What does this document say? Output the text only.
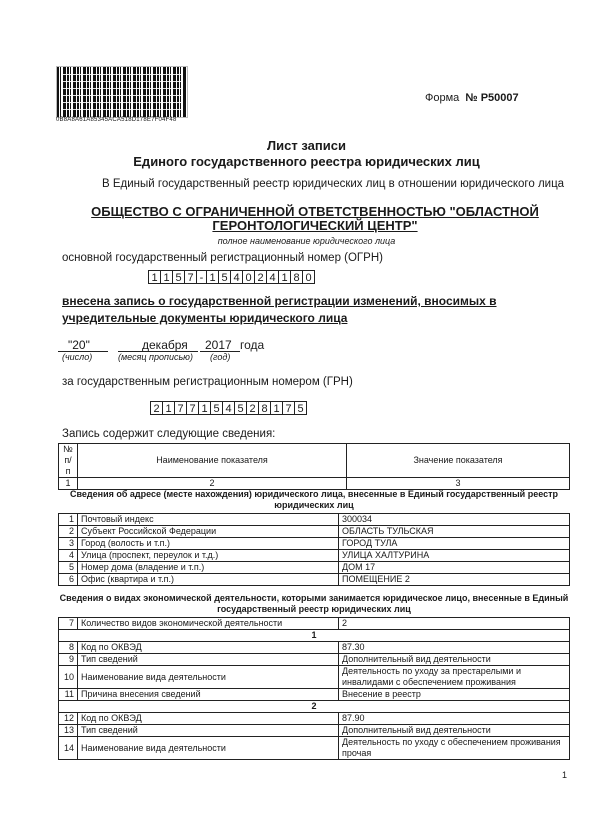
0B8A8A61A85345ACA518D178E7F04F48
Форма № Р50007
Лист записи
Единого государственного реестра юридических лиц
В Единый государственный реестр юридических лиц в отношении юридического лица
ОБЩЕСТВО С ОГРАНИЧЕННОЙ ОТВЕТСТВЕННОСТЬЮ "ОБЛАСТНОЙ ГЕРОНТОЛОГИЧЕСКИЙ ЦЕНТР"
полное наименование юридического лица
основной государственный регистрационный номер (ОГРН)
1 1 5 7 - 1 5 4 0 2 4 1 8 0
внесена запись о государственной регистрации изменений, вносимых в учредительные документы юридического лица
"20"	декабря 2017 года
(число)	(месяц прописью) (год)
за государственным регистрационным номером (ГРН)
2 1 7 7 1 5 4 5 2 8 1 7 5
Запись содержит следующие сведения:
№ п/п	Наименование показателя	Значение показателя
1	2	3
Сведения об адресе (месте нахождения) юридического лица, внесенные в Единый государственный реестр юридических лиц
1	Почтовый индекс	300034
2	Субъект Российской Федерации	ОБЛАСТЬ ТУЛЬСКАЯ
3	Город (волость и т.п.)	ГОРОД ТУЛА
4	Улица (проспект, переулок и т.д.)	УЛИЦА ХАЛТУРИНА
5	Номер дома (владение и т.п.)	ДОМ 17
6	Офис (квартира и т.п.)	ПОМЕЩЕНИЕ 2
Сведения о видах экономической деятельности, которыми занимается юридическое лицо, внесенные в Единый государственный реестр юридических лиц
7	Количество видов экономической деятельности	2
1		
8	Код по ОКВЭД	87.30
9	Тип сведений	Дополнительный вид деятельности
10	Наименование вида деятельности	Деятельность по уходу за престарелыми и инвалидами с обеспечением проживания
11	Причина внесения сведений	Внесение в реестр
2		
12	Код по ОКВЭД	87.90
13	Тип сведений	Дополнительный вид деятельности
14	Наименование вида деятельности	Деятельность по уходу с обеспечением проживания прочая
1
